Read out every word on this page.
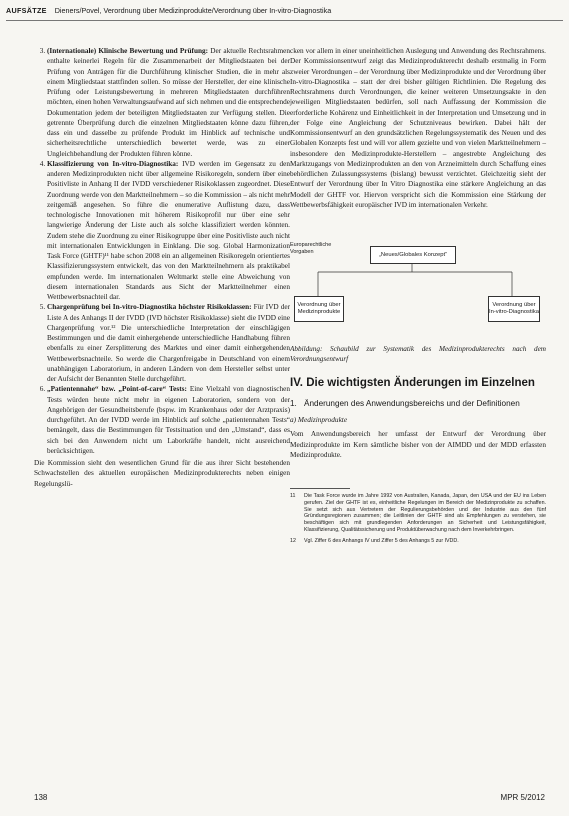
AUFSÄTZE Dieners/Povel, Verordnung über Medizinprodukte/Verordnung über In-vitro-Diagnostika
3. (Internationale) Klinische Bewertung und Prüfung: Der aktuelle Rechtsrahmen enthalte keinerlei Regeln für die Zusammenarbeit der Mitgliedstaaten bei der Prüfung von Anträgen für die Durchführung klinischer Studien, die in mehr als einem Mitgliedstaat stattfinden sollen. So müsse der Hersteller, der eine klinische Prüfung oder Leistungsbewertung in mehreren Mitgliedstaaten durchführen möchten, einen hohen Verwaltungsaufwand auf sich nehmen und die entsprechende Dokumentation jedem der beteiligten Mitgliedstaaten zur Verfügung stellen. Die getrennte Überprüfung durch die einzelnen Mitgliedstaaten könne dazu führen, dass ein und dasselbe zu prüfende Produkt im Hinblick auf technische und sicherheitsrechtliche unterschiedlich bewertet werde, was zu einer Ungleichbehandlung der Produkten führen könne.
4. Klassifizierung von In-vitro-Diagnostika: IVD werden im Gegensatz zu den anderen Medizinprodukten nicht über allgemeine Risikoregeln, sondern über eine Positivliste in Anhang II der IVDD verschiedener Risikoklassen zugeordnet. Diese Zuordnung werde von den Marktteilnehmern – so die Kommission – als nicht mehr zeitgemäß angesehen. So führe die enumerative Auflistung dazu, dass technologische Innovationen mit höherem Risikoprofil nur über eine sehr langwierige Änderung der Liste auch als solche klassifiziert werden könnten. Zudem stehe die Zuordnung zu einer Risikogruppe über eine Positivliste auch nicht mit internationalen Entwicklungen in Einklang. Die sog. Global Harmonization Task Force (GHTF)¹¹ habe schon 2008 ein an allgemeinen Risikoregeln orientiertes Klassifizierungssystem entwickelt, das von den Marktteilnehmern als praktikabel empfunden werde. Im internationalen Weltmarkt stelle eine Abweichung von diesem internationalen Standards aus Sicht der Marktteilnehmer einen Wettbewerbsnachteil dar.
5. Chargenprüfung bei In-vitro-Diagnostika höchster Risikoklassen: Für IVD der Liste A des Anhangs II der IVDD (IVD höchster Risikoklasse) sieht die IVDD eine Chargenprüfung vor.¹² Die unterschiedliche Interpretation der einschlägigen Bestimmungen und die damit einhergehende unterschiedliche Handhabung führen ebenfalls zu einer Zersplitterung des Marktes und einer damit einhergehenden Wettbewerbsnachteile. So werde die Chargenfreigabe in Deutschland von einem unabhängigen Laboratorium, in anderen Ländern von dem Hersteller selbst unter der Aufsicht der Benannten Stelle durchgeführt.
6. „Patientennahe“ bzw. „Point-of-care“ Tests: Eine Vielzahl von diagnostischen Tests würden heute nicht mehr in eigenen Laboratorien, sondern von der Angehörigen der Gesundheitsberufe (bspw. im Krankenhaus oder der Arztpraxis) durchgeführt. An der IVDD werde im Hinblick auf solche „patientennahen Tests“ bemängelt, dass die Bestimmungen für Testsituation und den „Umstand“, dass es sich bei den Anwendern nicht um Laborkräfte handelt, nicht ausreichend berücksichtigen.

Die Kommission sieht den wesentlichen Grund für die aus ihrer Sicht bestehenden Schwachstellen des aktuellen europäischen Medizinprodukterechts neben einigen Regelungslü-

cken vor allem in einer uneinheitlichen Auslegung und Anwendung des Rechtsrahmens. Der Kommissionsentwurf zeigt das Medizinprodukterecht deshalb erstmalig in Form zweier Verordnungen – der Verordnung über Medizinprodukte und der Verordnung über In-vitro-Diagnostika – statt der drei bisher gültigen Richtlinien. Die Regelung des Rechtsrahmens durch Verordnungen, die keiner weiteren Umsetzungsakte in den jeweiligen Mitgliedstaaten bedürfen, soll nach Auffassung der Kommission die erforderliche Kohärenz und Einheitlichkeit in der Interpretation und Umsetzung und in der Folge eine Angleichung der Schutzniveaus bewirken. Dabei hält der Kommissionsentwurf an den grundsätzlichen Regelungssystematik des Neuen und des Globalen Konzepts fest und will vor allem gezielte und von vielen Marktteilnehmern – insbesondere den Medizinprodukte-Herstellern – angestrebte Angleichung des Marktzugangs von Medizinprodukten an den von Arzneimitteln durch Schaffung eines behördlichen Zulassungssystems (bislang) bewusst verzichtet. Gleichzeitig sieht der Entwurf der Verordnung über In Vitro Diagnostika eine stärkere Angleichung an das Modell der GHTF vor. Hiervon verspricht sich die Kommission eine Stärkung der Wettbewerbsfähigkeit europäischer IVD im internationalen Verkehr.

Europarechtliche Vorgaben	„Neues/Globales Konzept“
Verordnung über Medizinprodukte
Verordnung über In-vitro-Diagnostika

Abbildung: Schaubild zur Systematik des Medizinprodukterechts nach dem Verordnungsentwurf

IV. Die wichtigsten Änderungen im Einzelnen
1. Änderungen des Anwendungsbereichs und der Definitionen
a) Medizinprodukte

Vom Anwendungsbereich her umfasst der Entwurf der Verordnung über Medizinprodukte im Kern sämtliche bisher von der AIMDD und der MDD erfassten Medizinprodukte.

11	Die Task Force wurde im Jahre 1992 von Australien, Kanada, Japan, den USA und der EU ins Leben gerufen. Ziel der GHTF ist es, einheitliche Regelungen im Bereich der Medizinprodukte zu schaffen. Sie setzt sich aus Vertretern der Regulierungsbehörden und der Industrie aus den fünf Gründungsregionen zusammen; die Leitlinien der GHTF sind als Empfehlungen zu verstehen, sie beschäftigen sich mit grundlegenden Anforderungen an Sicherheit und Leistungsfähigkeit, Klassifizierung, Qualitätssicherung und Produktüberwachung nach dem Inverkehrbringen.
12	Vgl. Ziffer 6 des Anhangs IV und Ziffer 5 des Anhangs 5 zur IVDD.
138	MPR 5/2012
